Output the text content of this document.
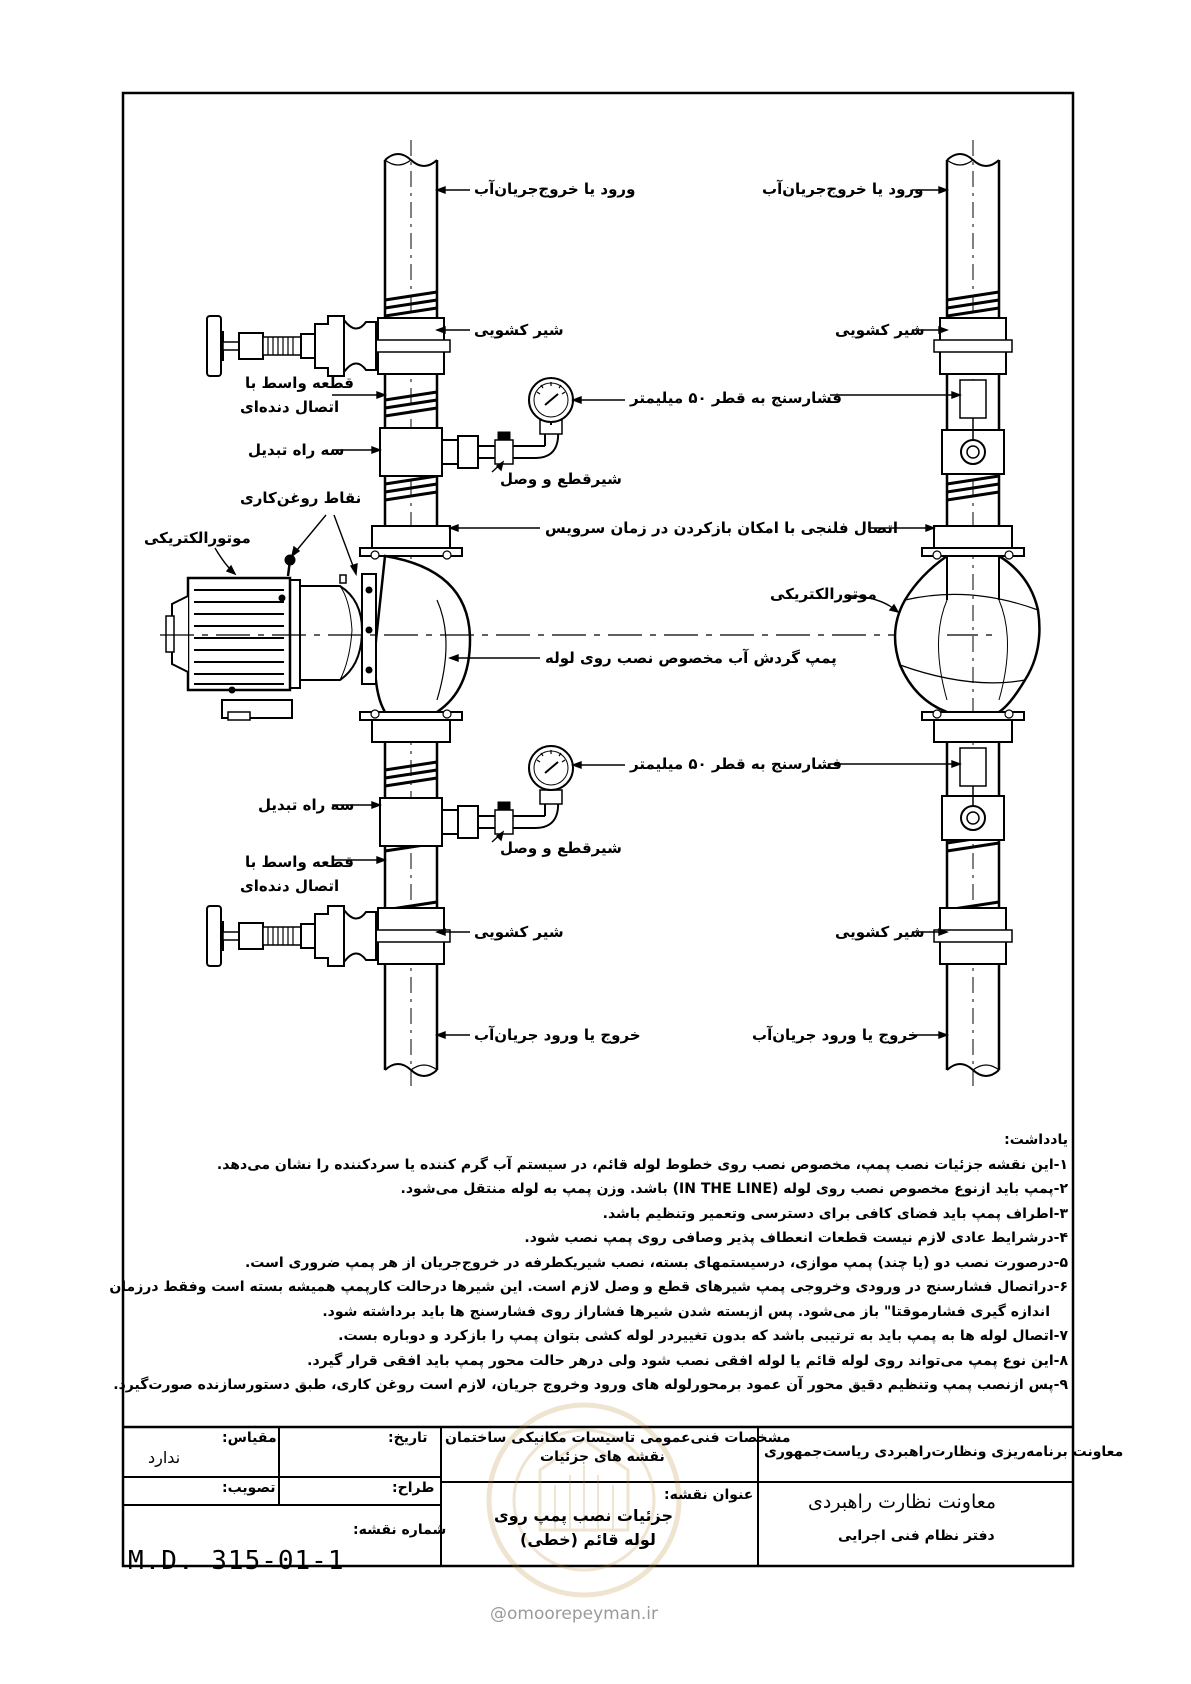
ورود یا خروج‌جریان‌آب	ورود یا خروج‌جریان‌آب
شیر کشویی	شیر کشویی
قطعه واسط با
اتصال دنده‌ای	فشارسنج به قطر ۵۰ میلیمتر
سه راه تبدیل
شیرقطع و وصل
نقاط روغن‌کاری
موتورالکتریکی
اتصال فلنجی با امکان بازکردن در زمان سرویس
موتورالکتریکی
پمپ گردش آب مخصوص نصب روی لوله
فشارسنج به قطر ۵۰ میلیمتر
سه راه تبدیل
شیرقطع و وصل
قطعه واسط با
اتصال دنده‌ای
شیر کشویی	شیر کشویی
خروج یا ورود جریان‌آب	خروج یا ورود جریان‌آب
یادداشت:
۱-این نقشه جزئیات نصب پمپ، مخصوص نصب روی خطوط لوله قائم، در سیستم آب گرم کننده یا سردکننده را نشان می‌دهد.
۲-پمپ باید ازنوع مخصوص نصب روی لوله (IN THE LINE) باشد. وزن پمپ به لوله منتقل می‌شود.
۳-اطراف پمپ باید فضای کافی برای دسترسی وتعمیر وتنظیم باشد.
۴-درشرایط عادی لازم نیست قطعات انعطاف پذیر وصافی روی پمپ نصب شود.
۵-درصورت نصب دو (یا چند) پمپ موازی، درسیستمهای بسته، نصب شیریکطرفه در خروج‌جریان از هر پمپ ضروری است.
۶-دراتصال فشارسنج در ورودی وخروجی پمپ شیرهای قطع و وصل لازم است. این شیرها درحالت کارپمپ همیشه بسته است وفقط درزمان
اندازه گیری فشارموقتا" باز می‌شود. پس ازبسته شدن شیرها فشاراز روی فشارسنج ها باید برداشته شود.
۷-اتصال لوله ها به پمپ باید به ترتیبی باشد که بدون تغییردر لوله کشی بتوان پمپ را بازکرد و دوباره بست.
۸-این نوع پمپ می‌تواند روی لوله قائم یا لوله افقی نصب شود ولی درهر حالت محور پمپ باید افقی قرار گیرد.
۹-پس ازنصب پمپ وتنظیم دقیق محور آن عمود برمحورلوله های ورود وخروج جریان، لازم است روغن کاری، طبق دستورسازنده صورت‌گیرد.
مقیاس:
ندارد
تاریخ:
تصویب:	طراح:
شماره نقشه:
M.D. 315-01-1
مشخصات فنی‌عمومی تاسیسات مکانیکی ساختمان
نقشه های جزئیات
عنوان نقشه:
جزئیات نصب پمپ روی
لوله قائم (خطی)
معاونت برنامه‌ریزی ونظارت‌راهبردی ریاست‌جمهوری
معاونت نظارت راهبردی
دفتر نظام فنی اجرایی
@omoorepeyman.ir
